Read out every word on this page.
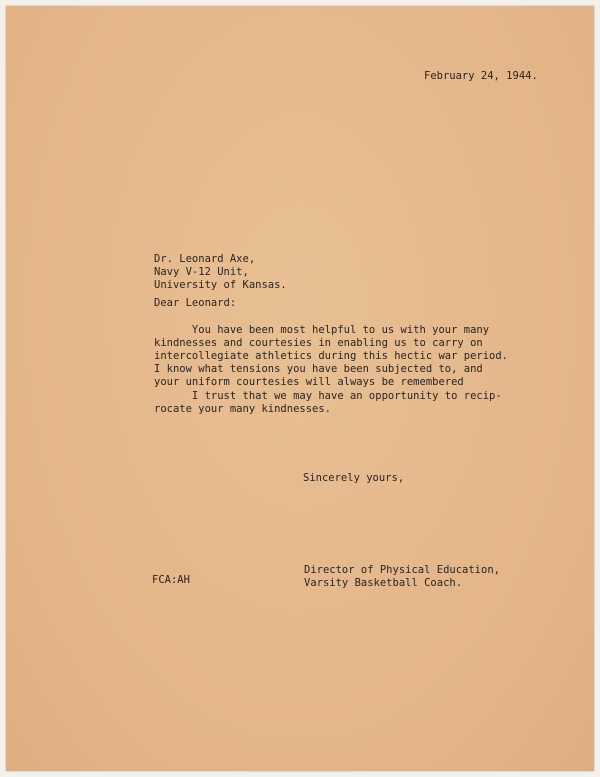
February 24, 1944.

Dr. Leonard Axe,
Navy V-12 Unit,
University of Kansas.

Dear Leonard:

You have been most helpful to us with your many
kindnesses and courtesies in enabling us to carry on
intercollegiate athletics during this hectic war period.
I know what tensions you have been subjected to, and
your uniform courtesies will always be remembered
I trust that we may have an opportunity to recip-
rocate your many kindnesses.

Sincerely yours,

FCA:AH

Director of Physical Education,
Varsity Basketball Coach.
